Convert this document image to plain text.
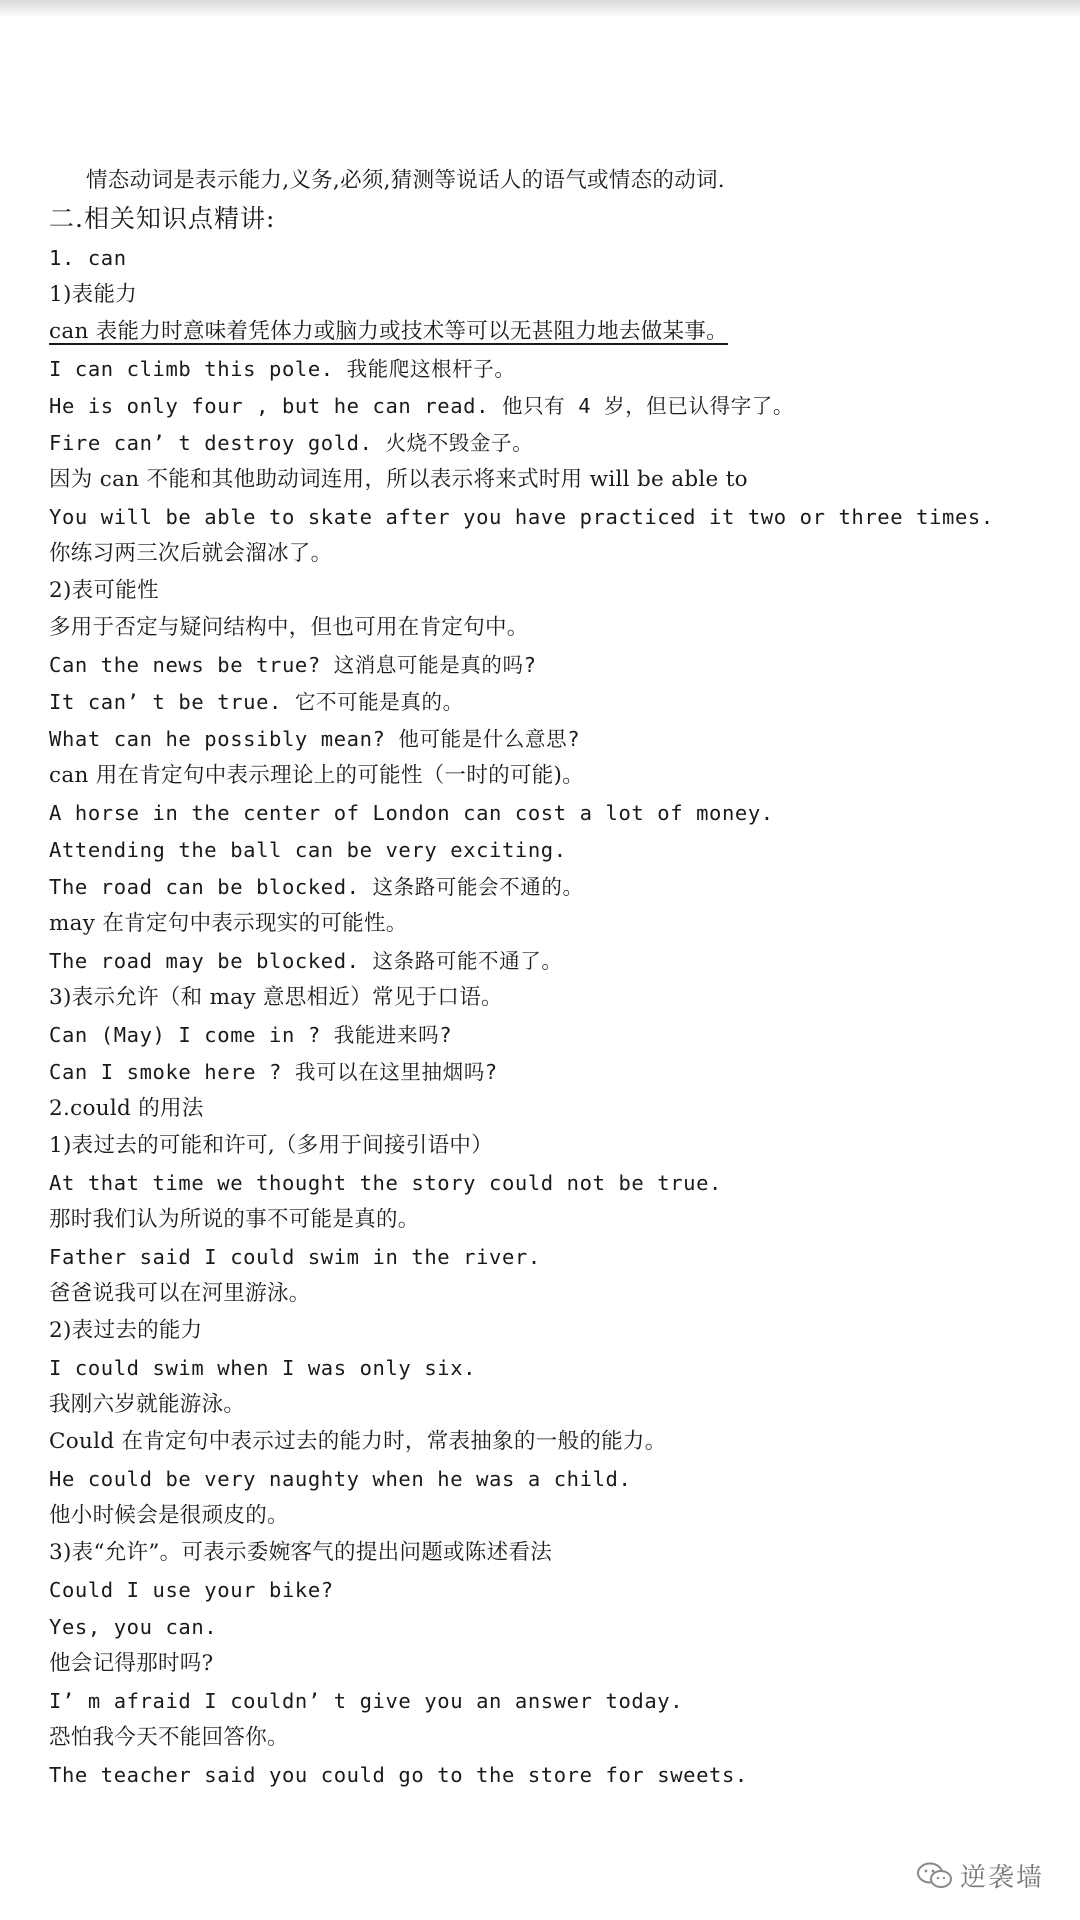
情态动词是表示能力,义务,必须,猜测等说话人的语气或情态的动词.
二.相关知识点精讲:
1. can
1)表能力
can 表能力时意味着凭体力或脑力或技术等可以无甚阻力地去做某事。
I can climb this pole. 我能爬这根杆子。
He is only four , but he can read. 他只有 4 岁，但已认得字了。
Fire can’ t destroy gold. 火烧不毁金子。
因为 can 不能和其他助动词连用，所以表示将来式时用 will be able to
You will be able to skate after you have practiced it two or three times.
你练习两三次后就会溜冰了。
2)表可能性
多用于否定与疑问结构中，但也可用在肯定句中。
Can the news be true? 这消息可能是真的吗?
It can’ t be true. 它不可能是真的。
What can he possibly mean? 他可能是什么意思?
can 用在肯定句中表示理论上的可能性（一时的可能)。
A horse in the center of London can cost a lot of money.
Attending the ball can be very exciting.
The road can be blocked. 这条路可能会不通的。
may 在肯定句中表示现实的可能性。
The road may be blocked. 这条路可能不通了。
3)表示允许（和 may 意思相近）常见于口语。
Can (May) I come in ? 我能进来吗?
Can I smoke here ? 我可以在这里抽烟吗?
2.could 的用法
1)表过去的可能和许可,（多用于间接引语中）
At that time we thought the story could not be true.
那时我们认为所说的事不可能是真的。
Father said I could swim in the river.
爸爸说我可以在河里游泳。
2)表过去的能力
I could swim when I was only six.
我刚六岁就能游泳。
Could 在肯定句中表示过去的能力时，常表抽象的一般的能力。
He could be very naughty when he was a child.
他小时候会是很顽皮的。
3)表“允许”。可表示委婉客气的提出问题或陈述看法
Could I use your bike?
Yes, you can.
他会记得那时吗?
I’ m afraid I couldn’ t give you an answer today.
恐怕我今天不能回答你。
The teacher said you could go to the store for sweets.
逆袭墙
